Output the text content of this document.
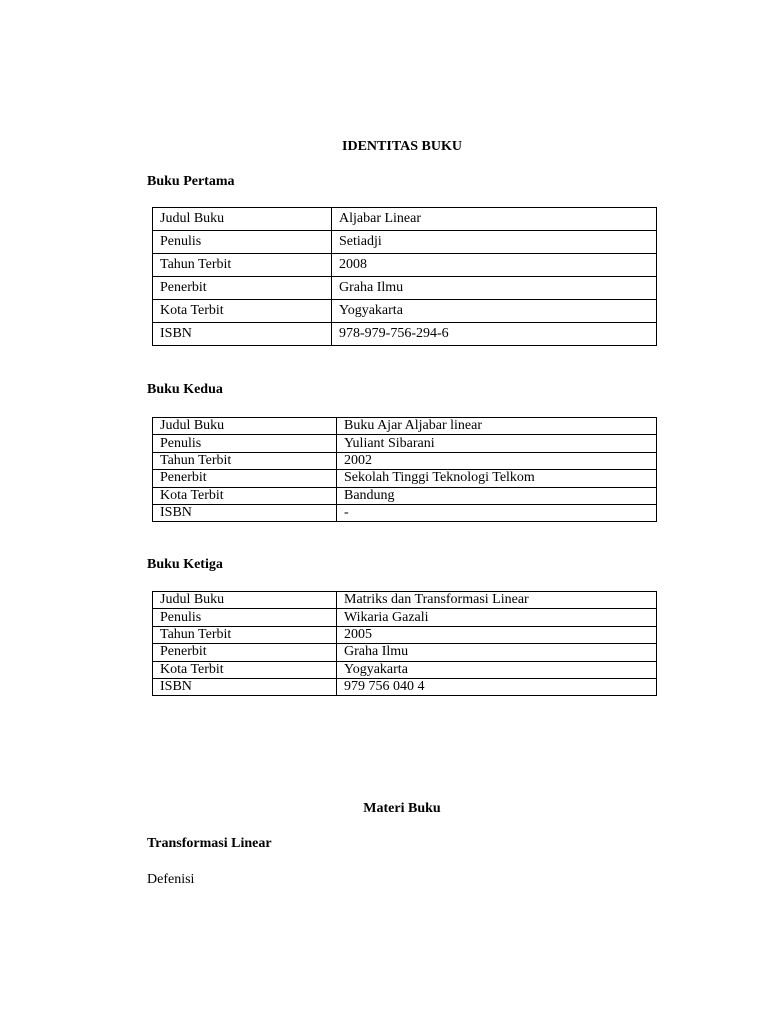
IDENTITAS BUKU
Buku Pertama
Judul Buku	Aljabar Linear
Penulis	Setiadji
Tahun Terbit	2008
Penerbit	Graha Ilmu
Kota Terbit	Yogyakarta
ISBN	978-979-756-294-6
Buku Kedua
Judul Buku	Buku Ajar Aljabar linear
Penulis	Yuliant Sibarani
Tahun Terbit	2002
Penerbit	Sekolah Tinggi Teknologi Telkom
Kota Terbit	Bandung
ISBN	-
Buku Ketiga
Judul Buku	Matriks dan Transformasi Linear
Penulis	Wikaria Gazali
Tahun Terbit	2005
Penerbit	Graha Ilmu
Kota Terbit	Yogyakarta
ISBN	979 756 040 4
Materi Buku
Transformasi Linear
Defenisi
